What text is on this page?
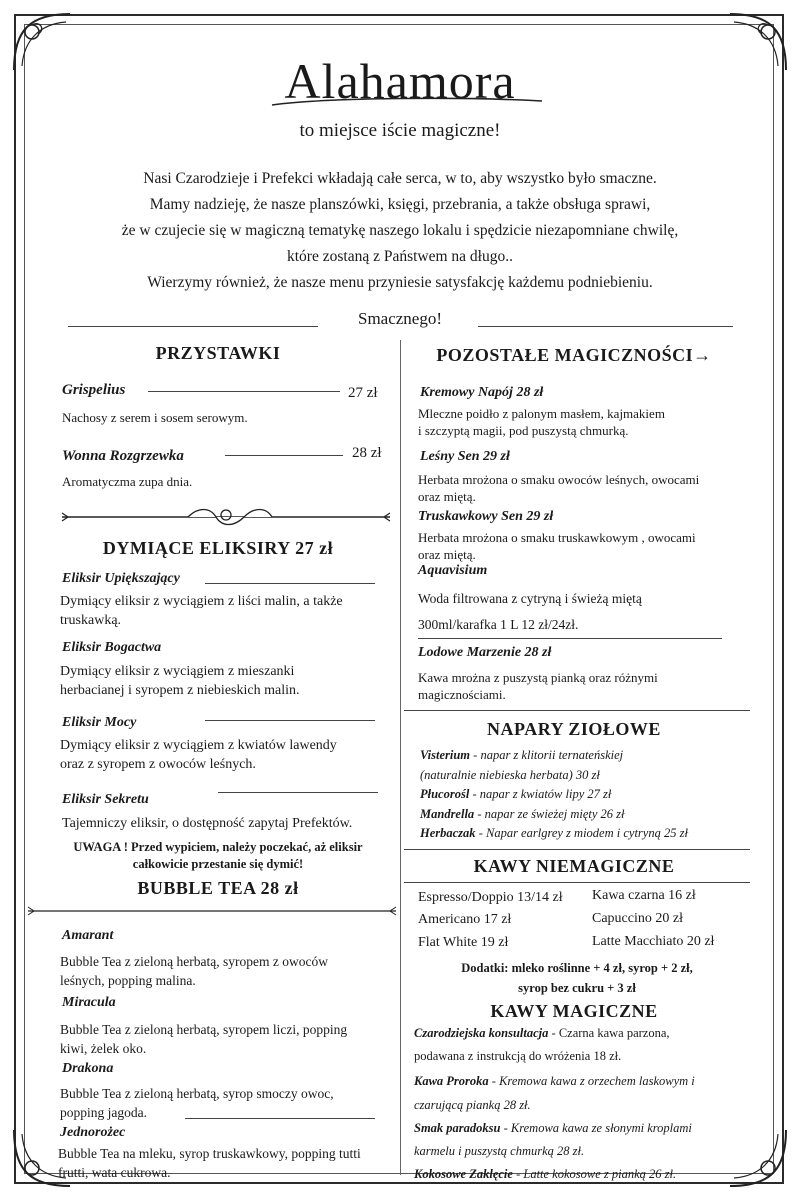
Alahamora
to miejsce iście magiczne!
Nasi Czarodzieje i Prefekci wkładają całe serca, w to, aby wszystko było smaczne.
Mamy nadzieję, że nasze planszówki, księgi, przebrania, a także obsługa sprawi,
że w czujecie się w magiczną tematykę naszego lokalu i spędzicie niezapomniane chwilę,
które zostaną z Państwem na długo..
Wierzymy również, że nasze menu przyniesie satysfakcję każdemu podniebieniu.
Smacznego!
PRZYSTAWKI
Grispelius	27 zł
Nachosy z serem i sosem serowym.
Wonna Rozgrzewka	28 zł
Aromatyczma zupa dnia.
DYMIĄCE ELIKSIRY 27 zł
Eliksir Upiększający
Dymiący eliksir z wyciągiem z liści malin, a także
truskawką.
Eliksir Bogactwa
Dymiący eliksir z wyciągiem z mieszanki
herbacianej i syropem z niebieskich malin.
Eliksir Mocy
Dymiący eliksir z wyciągiem z kwiatów lawendy
oraz z syropem z owoców leśnych.
Eliksir Sekretu
Tajemniczy eliksir, o dostępność zapytaj Prefektów.
UWAGA ! Przed wypiciem, należy poczekać, aż eliksir
całkowicie przestanie się dymić!
BUBBLE TEA 28 zł
Amarant
Bubble Tea z zieloną herbatą, syropem z owoców
leśnych, popping malina.
Miracula
Bubble Tea z zieloną herbatą, syropem liczi, popping
kiwi, żelek oko.
Drakona
Bubble Tea z zieloną herbatą, syrop smoczy owoc,
popping jagoda.
Jednorożec
Bubble Tea na mleku, syrop truskawkowy, popping tutti
frutti, wata cukrowa.
POZOSTAŁE MAGICZNOŚCI→
Kremowy Napój 28 zł
Mleczne poidło z palonym masłem, kajmakiem
i szczyptą magii, pod puszystą chmurką.
Leśny Sen 29 zł
Herbata mrożona o smaku owoców leśnych, owocami
oraz miętą.
Truskawkowy Sen 29 zł
Herbata mrożona o smaku truskawkowym , owocami
oraz miętą.
Aquavisium
Woda filtrowana z cytryną i świeżą miętą
300ml/karafka 1 L 12 zł/24zł.
Lodowe Marzenie 28 zł
Kawa mrożna z puszystą pianką oraz różnymi
magicznościami.
NAPARY ZIOŁOWE
Visterium - napar z klitorii ternateńskiej
(naturalnie niebieska herbata) 30 zł
Płucorośl - napar z kwiatów lipy 27 zł
Mandrella - napar ze świeżej mięty 26 zł
Herbaczak - Napar earlgrey z miodem i cytryną 25 zł
KAWY NIEMAGICZNE
Espresso/Doppio 13/14 zł
Americano 17 zł
Flat White 19 zł
Kawa czarna 16 zł
Capuccino 20 zł
Latte Macchiato 20 zł
Dodatki: mleko roślinne + 4 zł, syrop + 2 zł,
syrop bez cukru + 3 zł
KAWY MAGICZNE
Czarodziejska konsultacja - Czarna kawa parzona,
podawana z instrukcją do wróżenia 18 zł.
Kawa Proroka - Kremowa kawa z orzechem laskowym i
czarującą pianką 28 zł.
Smak paradoksu - Kremowa kawa ze słonymi kroplami
karmelu i puszystą chmurką 28 zł.
Kokosowe Zaklęcie - Latte kokosowe z pianką 26 zł.
